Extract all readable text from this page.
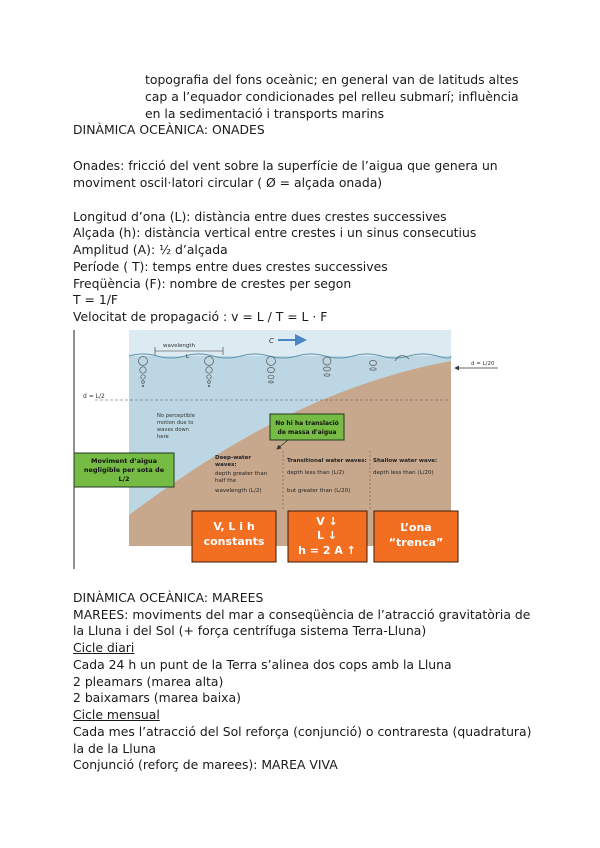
topografia del fons oceànic; en general van de latituds altes
cap a l’equador condicionades pel relleu submarí; influència
en la sedimentació i transports marins
DINÀMICA OCEÀNICA: ONADES
Onades: fricció del vent sobre la superfície de l’aigua que genera un
moviment oscil·latori circular ( Ø = alçada onada)
Longitud d’ona (L): distància entre dues crestes successives
Alçada (h): distància vertical entre crestes i un sinus consecutius
Amplitud (A): ½ d’alçada
Període ( T): temps entre dues crestes successives
Freqüència (F): nombre de crestes per segon
T = 1/F
Velocitat de propagació : v = L / T = L · F
d = L/2
d = L/20
wavelength
L
C
No perceptible motion due to waves down here
No hi ha translació
de massa d'aigua
Moviment d’aigua
negligible per sota de
L/2
Deep-water waves: depth greater than half the wavelength (L/2)
Transitional water waves: depth less than (L/2) but greater than (L/20)
Shallow water wave: depth less than (L/20)
V, L i h
constants
V ↓
L ↓
h = 2 A ↑
L’ona
“trenca”
DINÀMICA OCEÀNICA: MAREES
MAREES: moviments del mar a conseqüència de l’atracció gravitatòria de
la Lluna i del Sol (+ força centrífuga sistema Terra-Lluna)
Cicle diari
Cada 24 h un punt de la Terra s’alinea dos cops amb la Lluna
2 pleamars (marea alta)
2 baixamars (marea baixa)
Cicle mensual
Cada mes l’atracció del Sol reforça (conjunció) o contraresta (quadratura)
la de la Lluna
Conjunció (reforç de marees): MAREA VIVA
